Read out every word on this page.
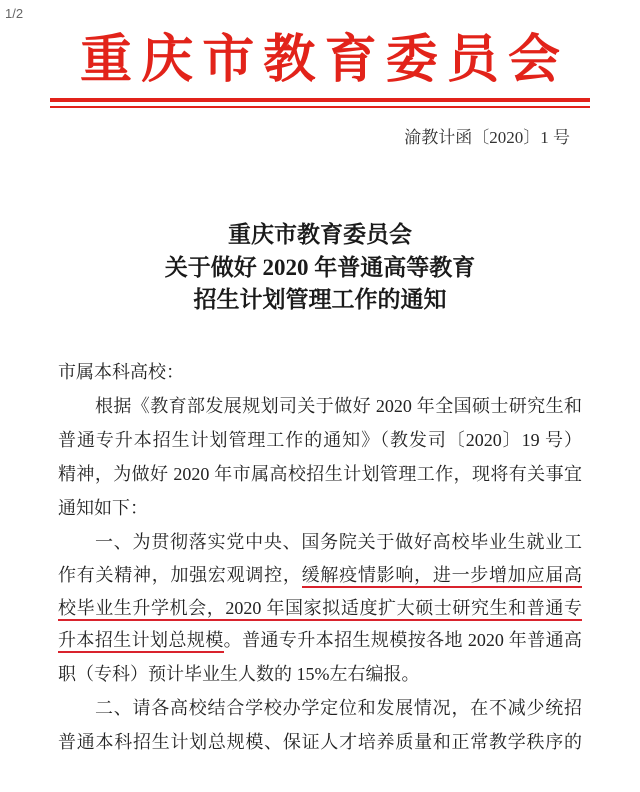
1/2
重庆市教育委员会
渝教计函〔2020〕1 号
重庆市教育委员会
关于做好 2020 年普通高等教育
招生计划管理工作的通知
市属本科高校：
根据《教育部发展规划司关于做好 2020 年全国硕士研究生和
普通专升本招生计划管理工作的通知》（教发司〔2020〕19 号）
精神，为做好 2020 年市属高校招生计划管理工作，现将有关事宜
通知如下：
一、为贯彻落实党中央、国务院关于做好高校毕业生就业工
作有关精神，加强宏观调控，缓解疫情影响，进一步增加应届高
校毕业生升学机会，2020 年国家拟适度扩大硕士研究生和普通专
升本招生计划总规模。普通专升本招生规模按各地 2020 年普通高
职（专科）预计毕业生人数的 15%左右编报。
二、请各高校结合学校办学定位和发展情况，在不减少统招
普通本科招生计划总规模、保证人才培养质量和正常教学秩序的
